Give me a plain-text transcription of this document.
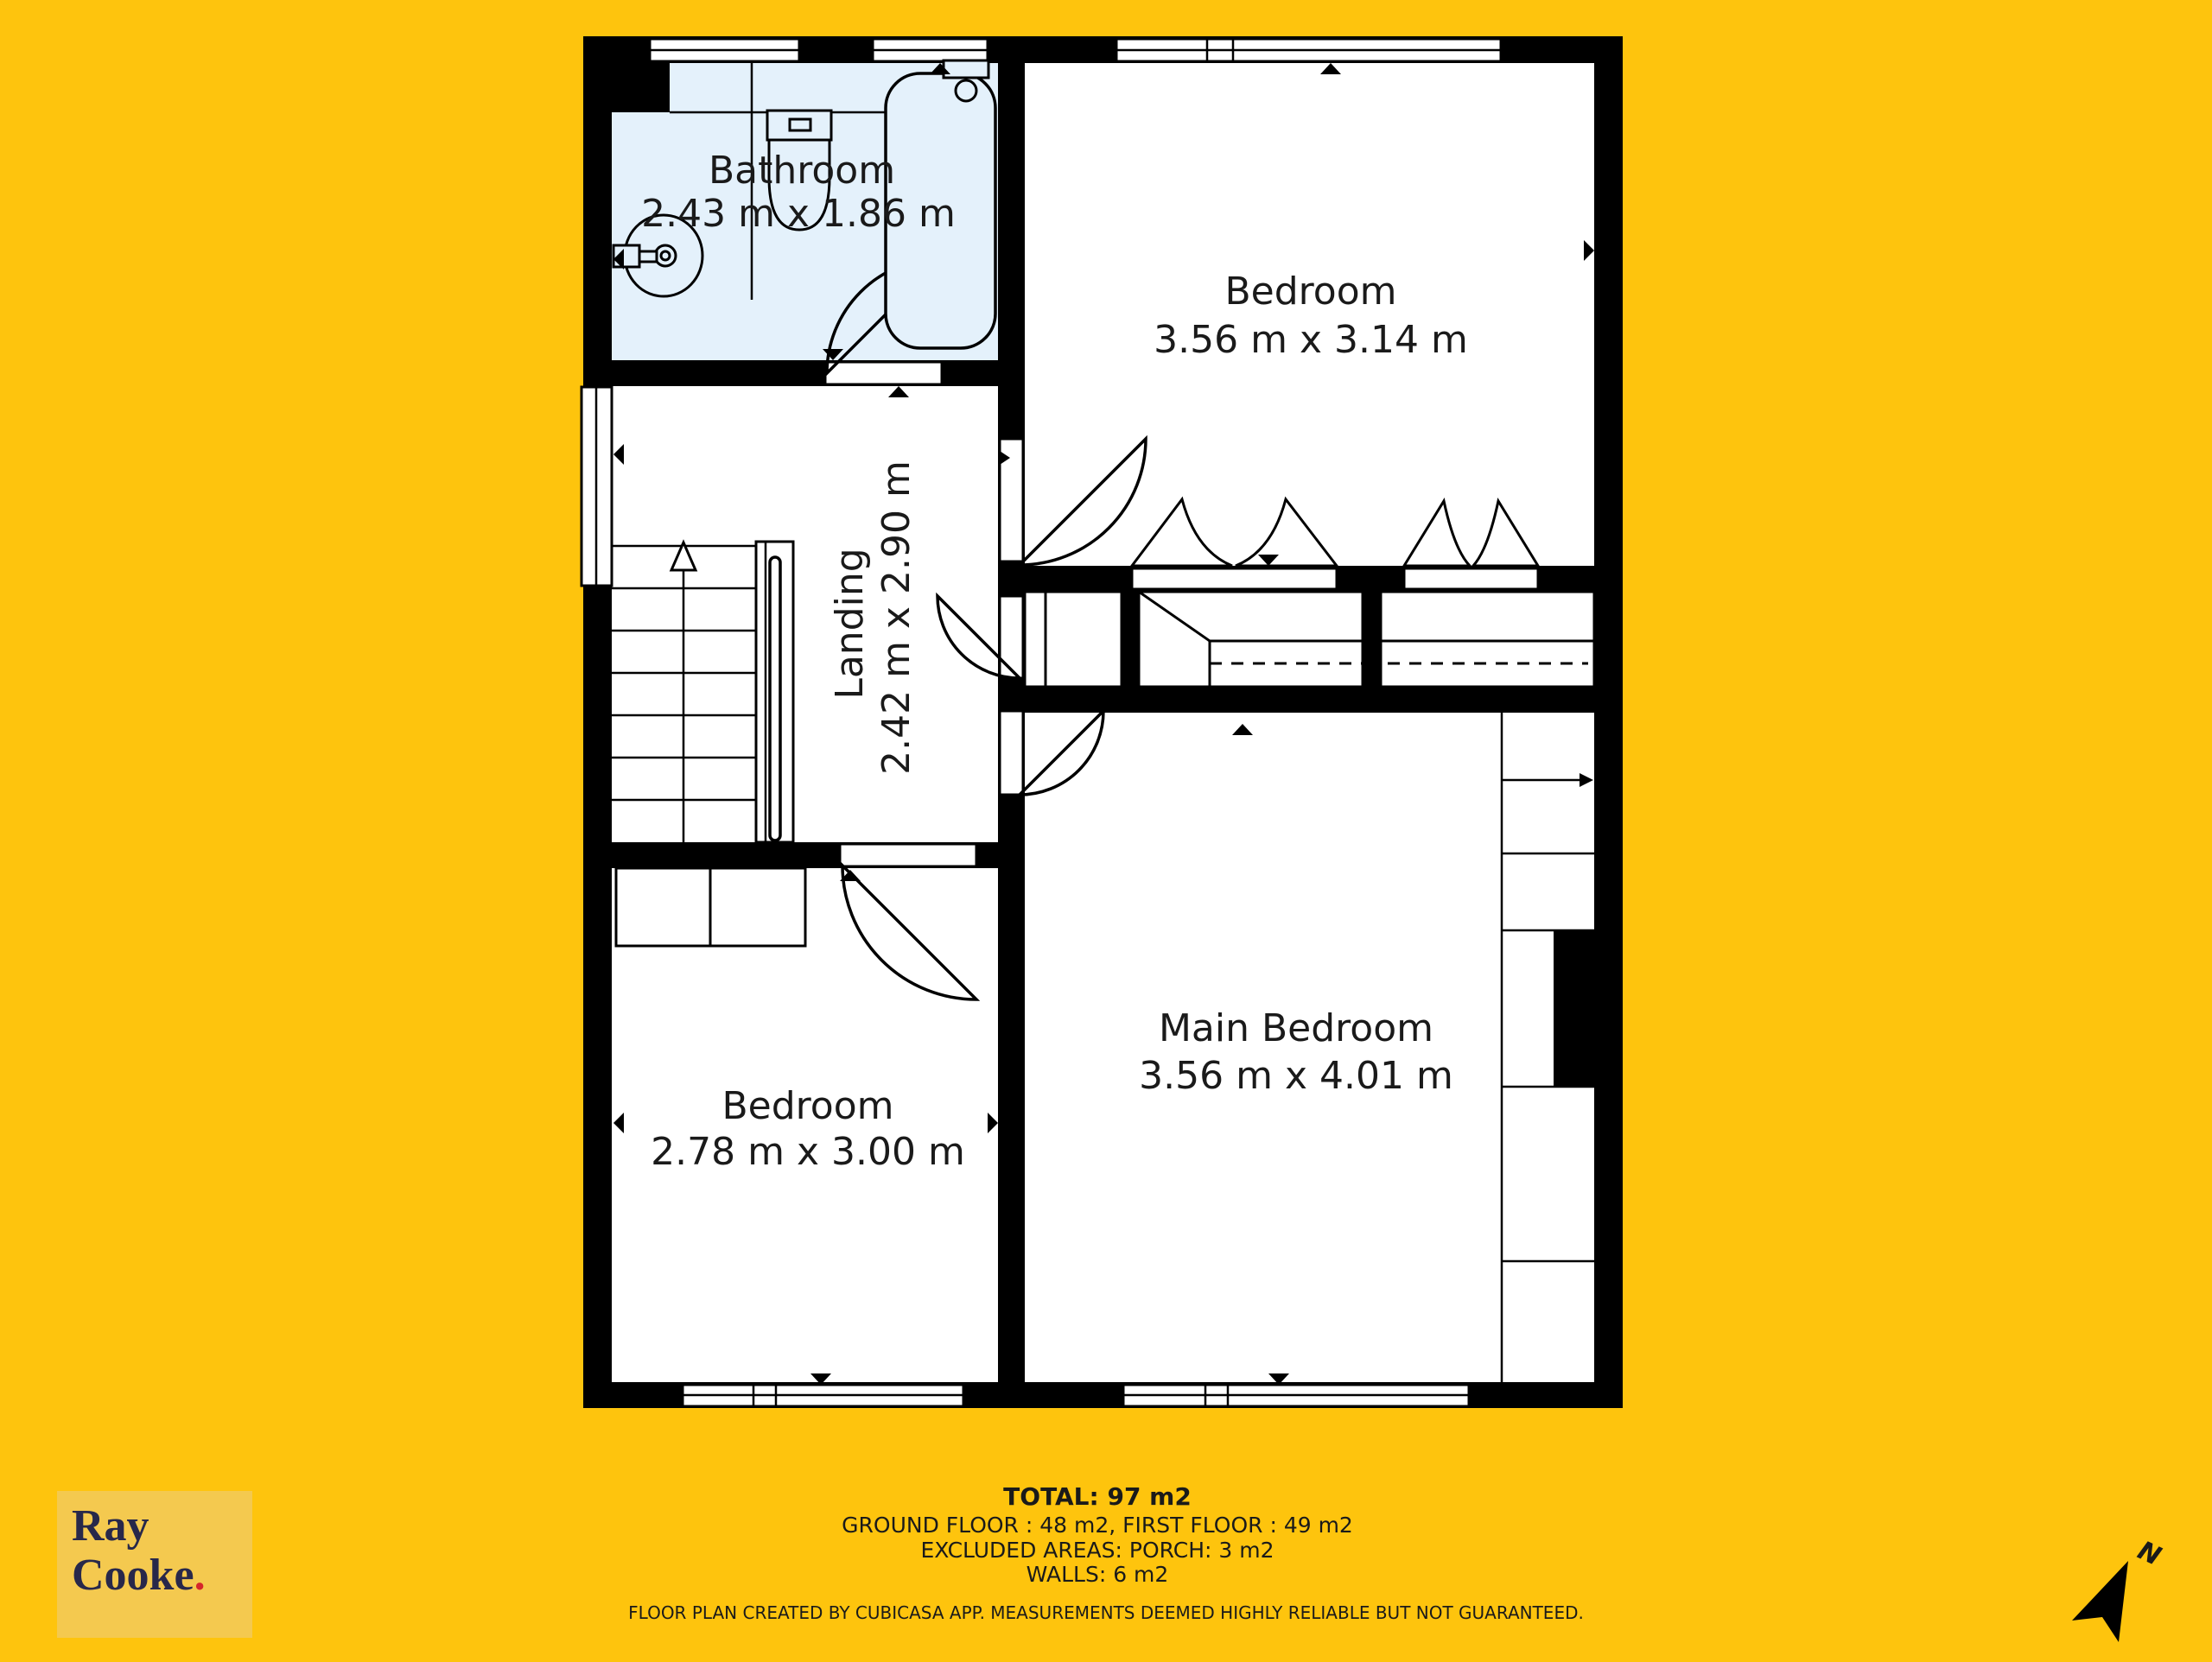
Bathroom
2.43 m x 1.86 m
Bedroom
3.56 m x 3.14 m
Landing 2.42 m x 2.90 m
Bedroom
2.78 m x 3.00 m
Main Bedroom
3.56 m x 4.01 m
TOTAL: 97 m2
GROUND FLOOR : 48 m2, FIRST FLOOR : 49 m2
EXCLUDED AREAS: PORCH: 3 m2
WALLS: 6 m2
FLOOR PLAN CREATED BY CUBICASA APP. MEASUREMENTS DEEMED HIGHLY RELIABLE BUT NOT GUARANTEED.
Ray
Cooke.	N
